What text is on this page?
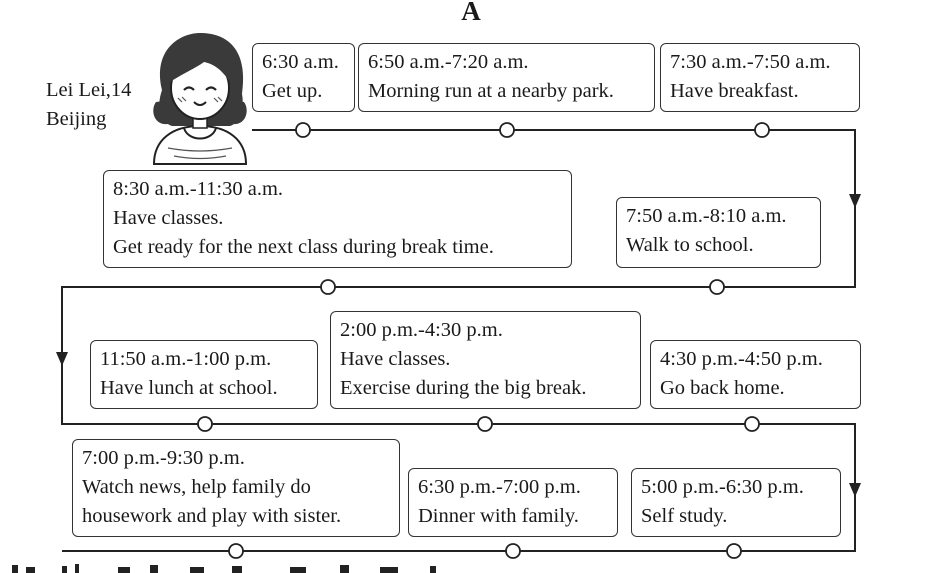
A
Lei Lei,14
Beijing
6:30 a.m.
Get up.
6:50 a.m.-7:20 a.m.
Morning run at a nearby park.
7:30 a.m.-7:50 a.m.
Have breakfast.
8:30 a.m.-11:30 a.m.
Have classes.
Get ready for the next class during break time.
7:50 a.m.-8:10 a.m.
Walk to school.
11:50 a.m.-1:00 p.m.
Have lunch at school.
2:00 p.m.-4:30 p.m.
Have classes.
Exercise during the big break.
4:30 p.m.-4:50 p.m.
Go back home.
7:00 p.m.-9:30 p.m.
Watch news, help family do
housework and play with sister.
6:30 p.m.-7:00 p.m.
Dinner with family.
5:00 p.m.-6:30 p.m.
Self study.
